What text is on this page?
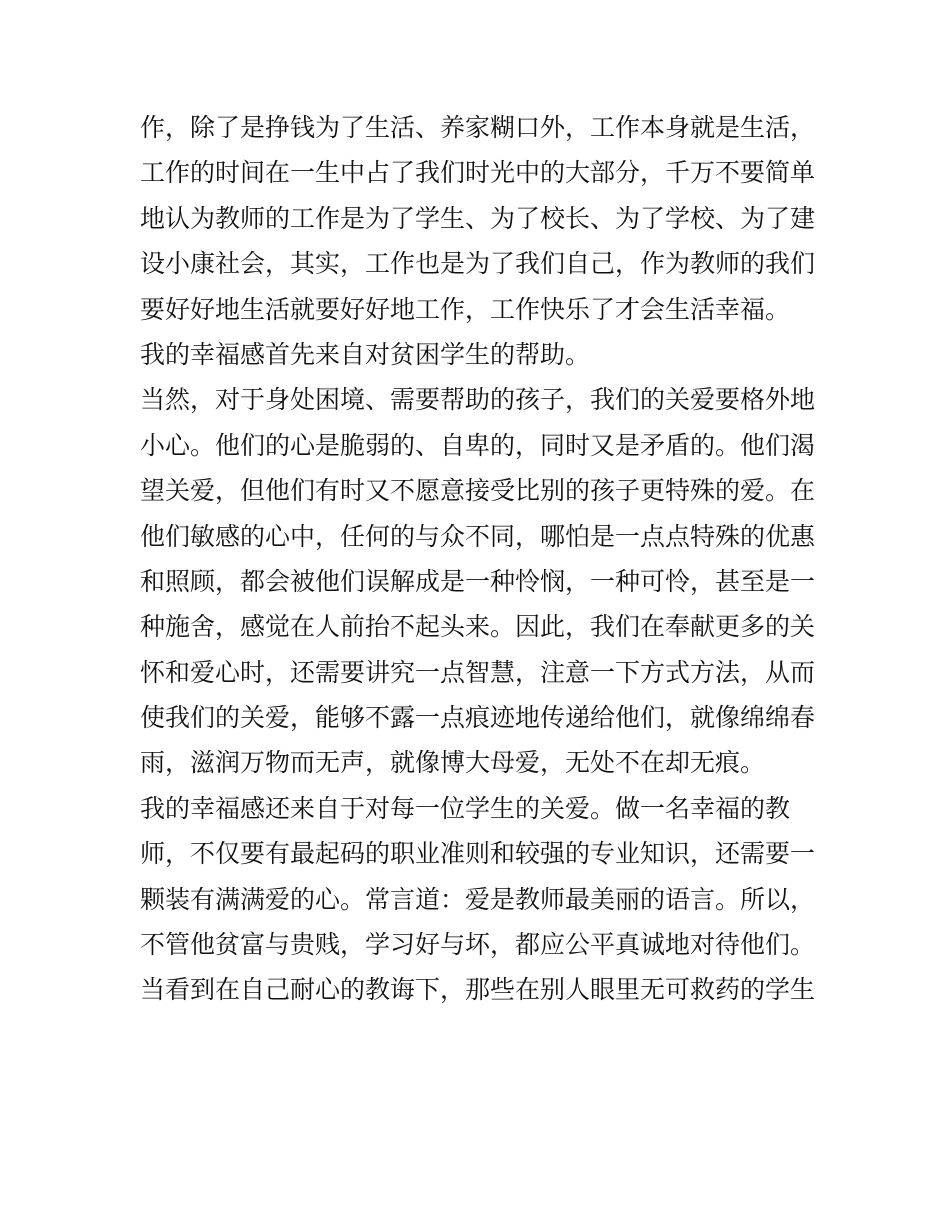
作，除了是挣钱为了生活、养家糊口外，工作本身就是生活，
工作的时间在一生中占了我们时光中的大部分，千万不要简单
地认为教师的工作是为了学生、为了校长、为了学校、为了建
设小康社会，其实，工作也是为了我们自己，作为教师的我们
要好好地生活就要好好地工作，工作快乐了才会生活幸福。
我的幸福感首先来自对贫困学生的帮助。
当然，对于身处困境、需要帮助的孩子，我们的关爱要格外地
小心。他们的心是脆弱的、自卑的，同时又是矛盾的。他们渴
望关爱，但他们有时又不愿意接受比别的孩子更特殊的爱。在
他们敏感的心中，任何的与众不同，哪怕是一点点特殊的优惠
和照顾，都会被他们误解成是一种怜悯，一种可怜，甚至是一
种施舍，感觉在人前抬不起头来。因此，我们在奉献更多的关
怀和爱心时，还需要讲究一点智慧，注意一下方式方法，从而
使我们的关爱，能够不露一点痕迹地传递给他们，就像绵绵春
雨，滋润万物而无声，就像博大母爱，无处不在却无痕。
我的幸福感还来自于对每一位学生的关爱。做一名幸福的教
师，不仅要有最起码的职业准则和较强的专业知识，还需要一
颗装有满满爱的心。常言道：爱是教师最美丽的语言。所以，
不管他贫富与贵贱，学习好与坏，都应公平真诚地对待他们。
当看到在自己耐心的教诲下，那些在别人眼里无可救药的学生
